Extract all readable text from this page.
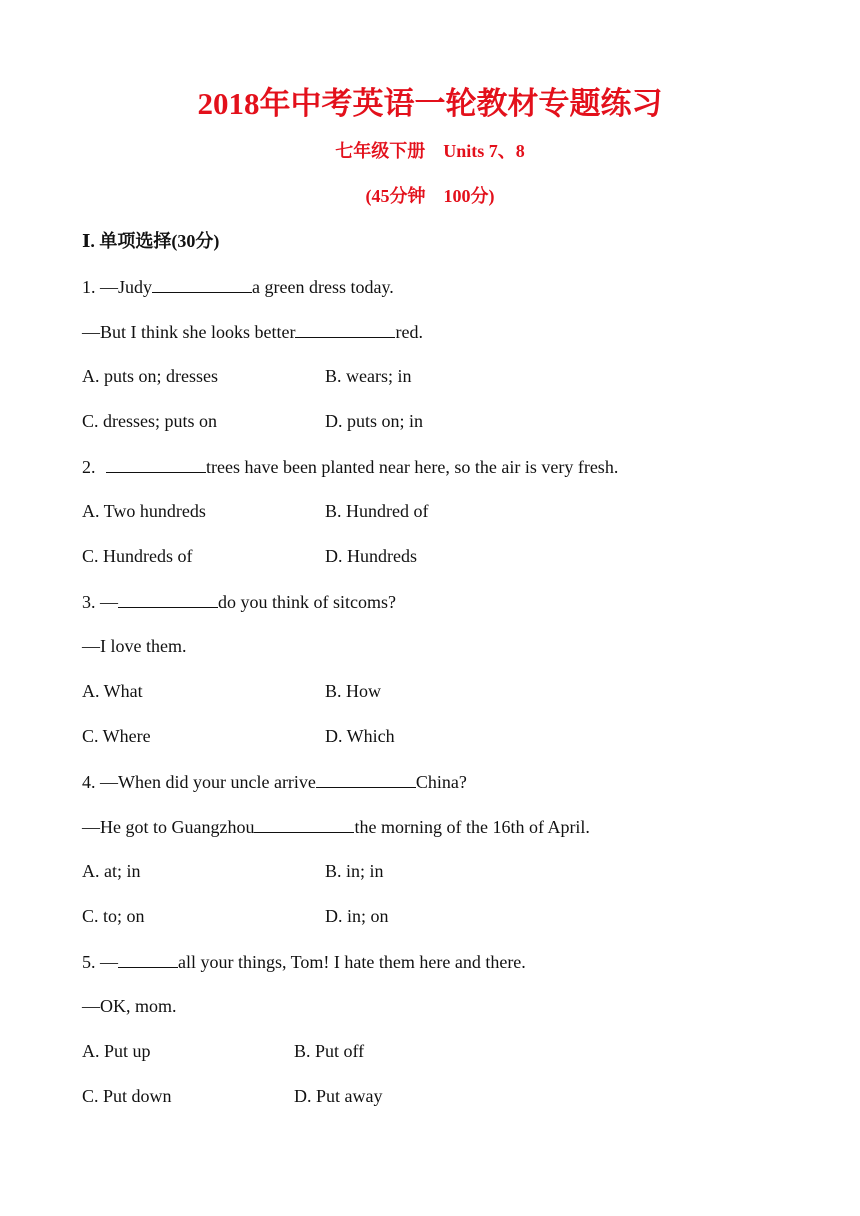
2018年中考英语一轮教材专题练习
七年级下册　Units 7、8
(45分钟　100分)
Ⅰ. 单项选择(30分)
1. —Judy	a green dress today.
—But I think she looks better	red.
A. puts on; dresses	B. wears; in
C. dresses; puts on	D. puts on; in
2.	trees have been planted near here, so the air is very fresh.
A. Two hundreds	B. Hundred of
C. Hundreds of	D. Hundreds
3. —	do you think of sitcoms?
—I love them.
A. What	B. How
C. Where	D. Which
4. —When did your uncle arrive	China?
—He got to Guangzhou	the morning of the 16th of April.
A. at; in	B. in; in
C. to; on	D. in; on
5. —	all your things, Tom! I hate them here and there.
—OK, mom.
A. Put up	B. Put off
C. Put down	D. Put away
